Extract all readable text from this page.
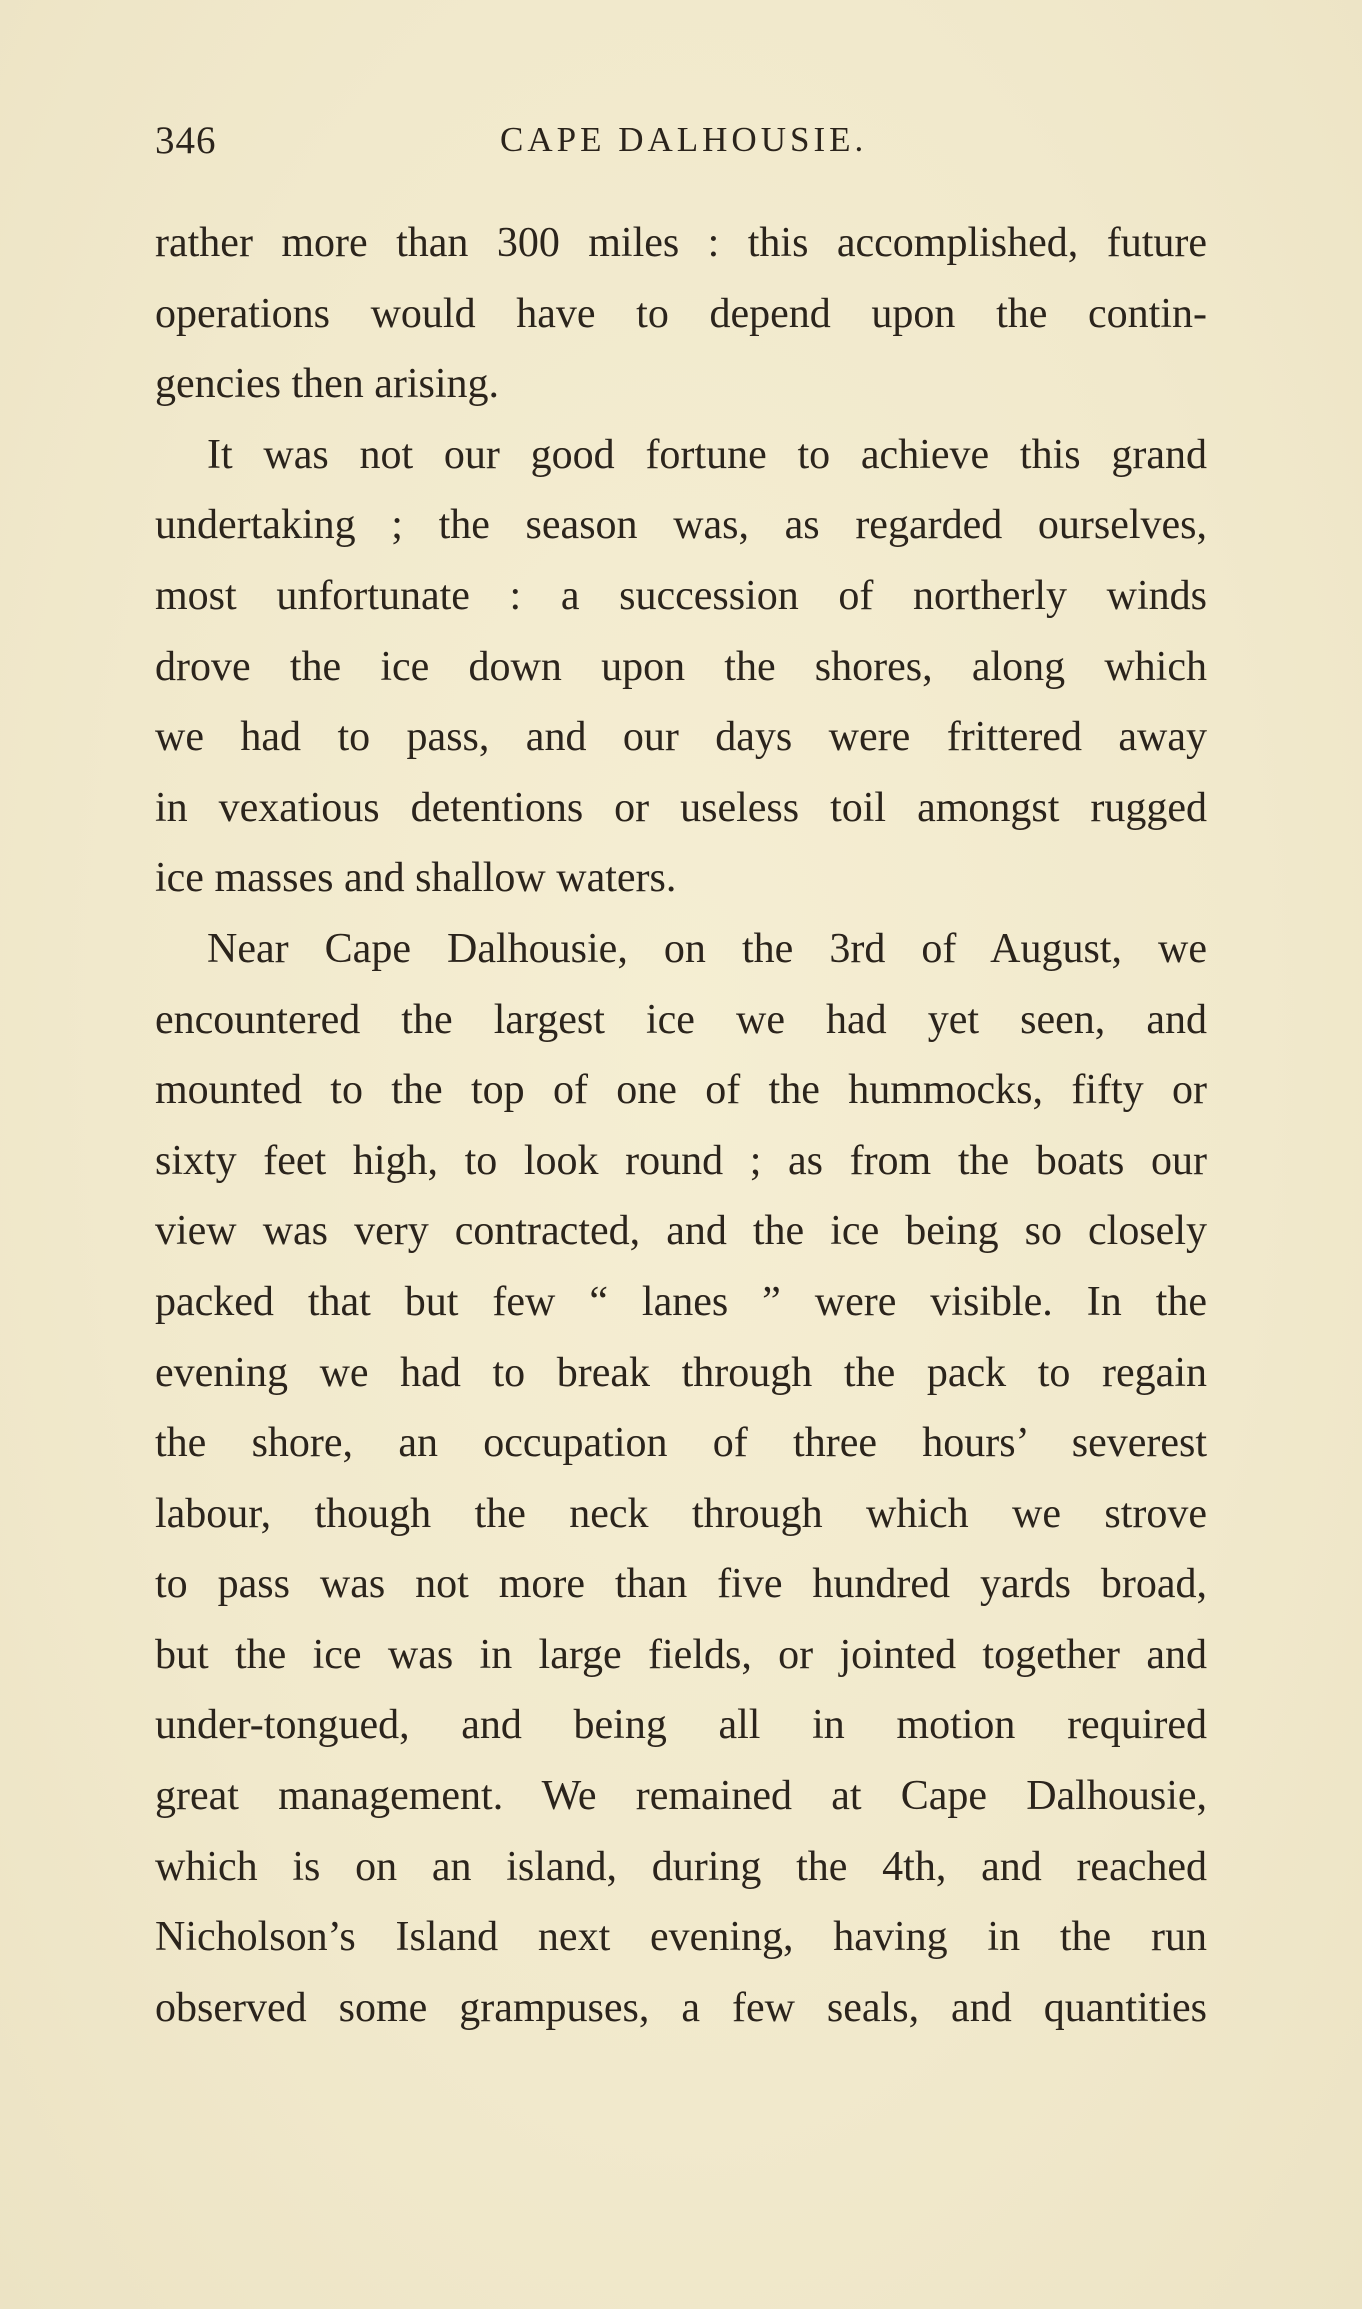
346	CAPE DALHOUSIE.
rather more than 300 miles : this accomplished, future
operations would have to depend upon the contin-
gencies then arising.
It was not our good fortune to achieve this grand
undertaking ; the season was, as regarded ourselves,
most unfortunate : a succession of northerly winds
drove the ice down upon the shores, along which
we had to pass, and our days were frittered away
in vexatious detentions or useless toil amongst rugged
ice masses and shallow waters.
Near Cape Dalhousie, on the 3rd of August, we
encountered the largest ice we had yet seen, and
mounted to the top of one of the hummocks, fifty or
sixty feet high, to look round ; as from the boats our
view was very contracted, and the ice being so closely
packed that but few “ lanes ” were visible. In the
evening we had to break through the pack to regain
the shore, an occupation of three hours’ severest
labour, though the neck through which we strove
to pass was not more than five hundred yards broad,
but the ice was in large fields, or jointed together and
under-tongued, and being all in motion required
great management. We remained at Cape Dalhousie,
which is on an island, during the 4th, and reached
Nicholson’s Island next evening, having in the run
observed some grampuses, a few seals, and quantities
